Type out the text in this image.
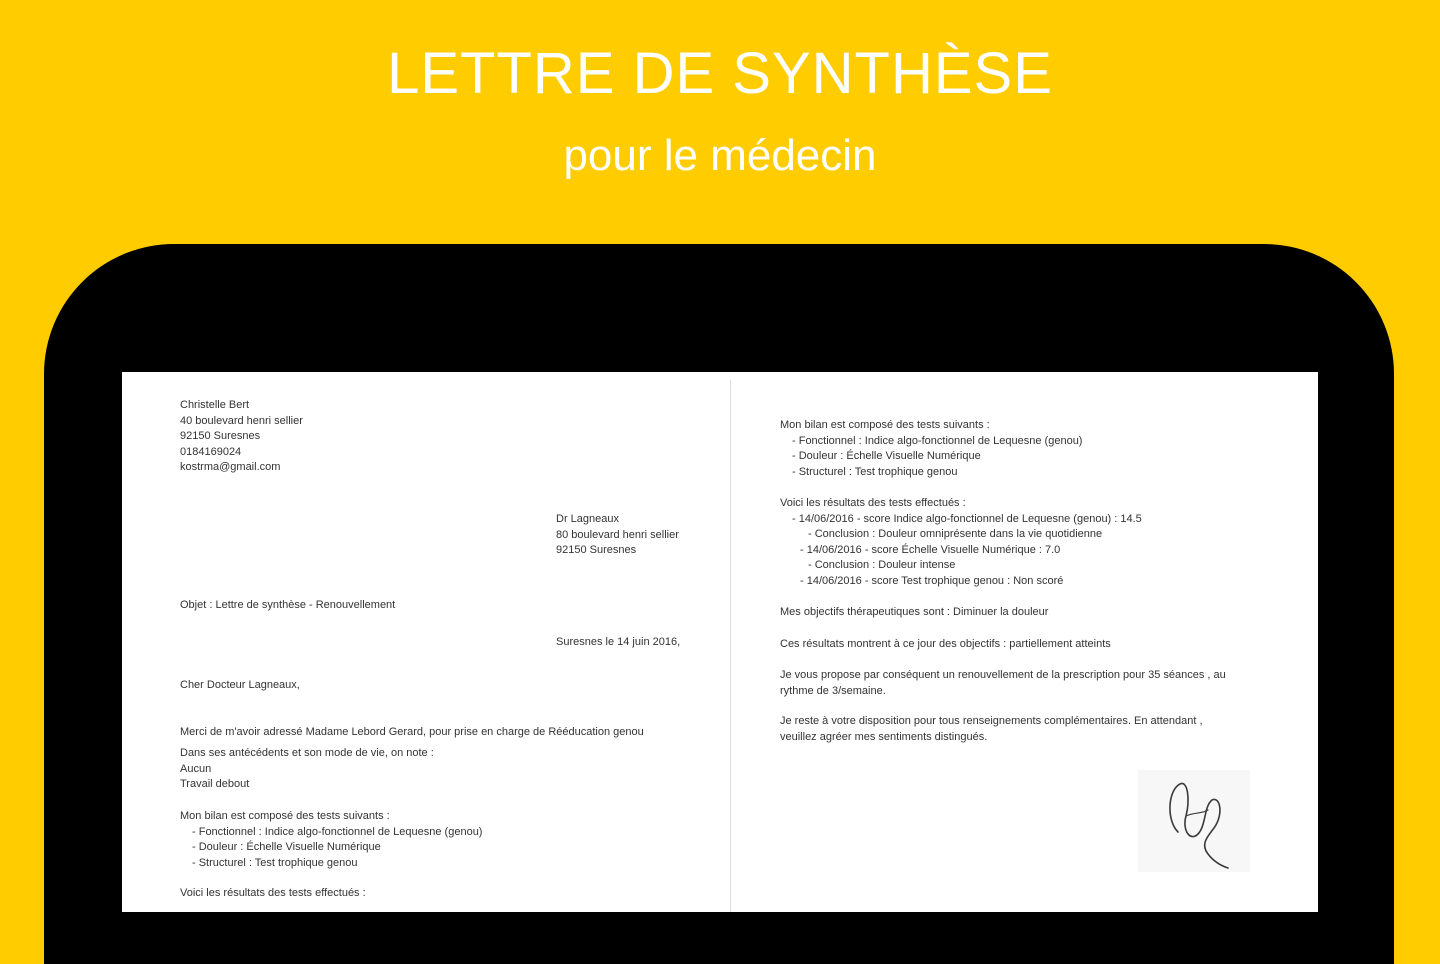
LETTRE DE SYNTHÈSE
pour le médecin

Christelle Bert

40 boulevard henri sellier

92150 Suresnes

0184169024

kostrma@gmail.com

Dr Lagneaux

80 boulevard henri sellier

92150 Suresnes

Objet : Lettre de synthèse - Renouvellement

Suresnes le 14 juin 2016,

Cher Docteur Lagneaux,

Merci de m'avoir adressé Madame Lebord Gerard, pour prise en charge de Rééducation genou

Dans ses antécédents et son mode de vie, on note :

Aucun

Travail debout

Mon bilan est composé des tests suivants :

- Fonctionnel : Indice algo-fonctionnel de Lequesne (genou)

- Douleur : Échelle Visuelle Numérique

- Structurel : Test trophique genou

Voici les résultats des tests effectués :

Mon bilan est composé des tests suivants :

- Fonctionnel : Indice algo-fonctionnel de Lequesne (genou)

- Douleur : Échelle Visuelle Numérique

- Structurel : Test trophique genou

Voici les résultats des tests effectués :

- 14/06/2016 - score Indice algo-fonctionnel de Lequesne (genou) : 14.5

- Conclusion : Douleur omniprésente dans la vie quotidienne

- 14/06/2016 - score Échelle Visuelle Numérique : 7.0

- Conclusion : Douleur intense

- 14/06/2016 - score Test trophique genou : Non scoré

Mes objectifs thérapeutiques sont : Diminuer la douleur

Ces résultats montrent à ce jour des objectifs : partiellement atteints

Je vous propose par conséquent un renouvellement de la prescription pour 35 séances , au

rythme de 3/semaine.

Je reste à votre disposition pour tous renseignements complémentaires. En attendant ,

veuillez agréer mes sentiments distingués.
